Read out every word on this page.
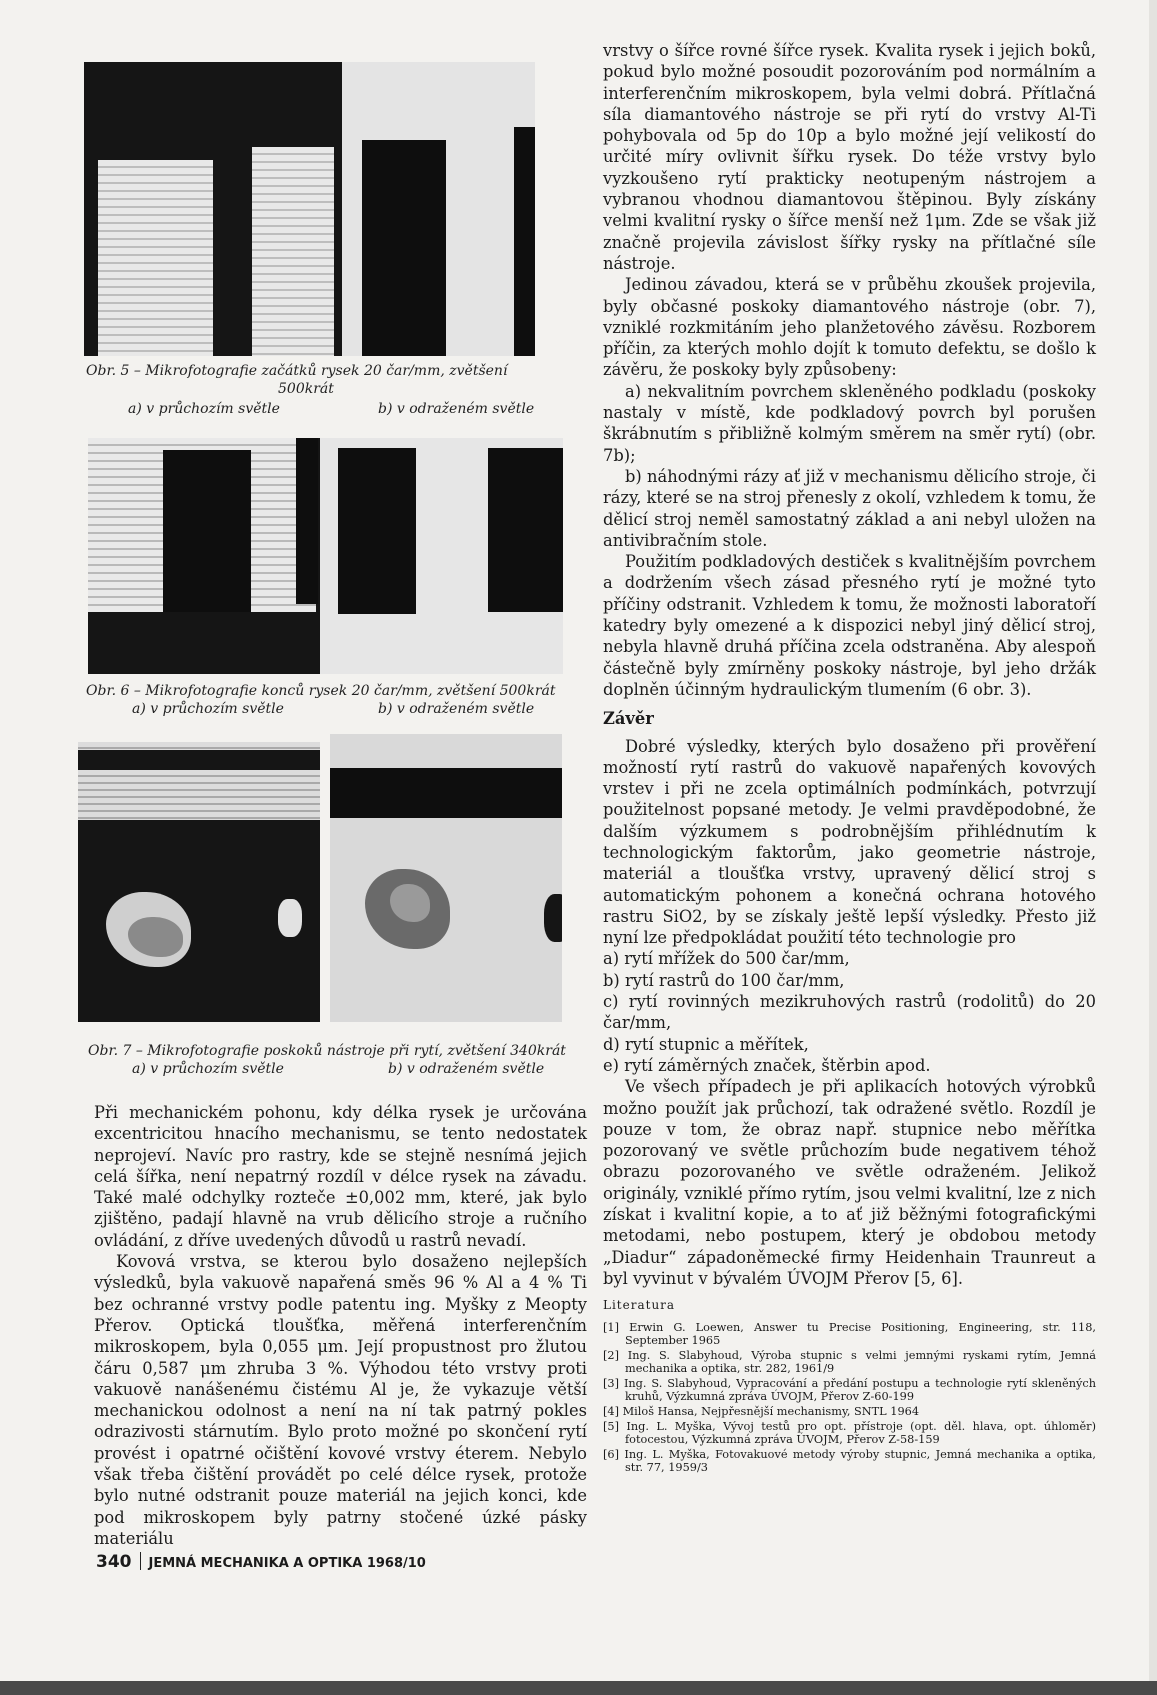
Obr. 5 – Mikrofotografie začátků rysek 20 čar/mm, zvětšení
500krát
a) v průchozím světle	b) v odraženém světle
Obr. 6 – Mikrofotografie konců rysek 20 čar/mm, zvětšení 500krát
a) v průchozím světle	b) v odraženém světle
Obr. 7 – Mikrofotografie poskoků nástroje při rytí, zvětšení 340krát
a) v průchozím světle	b) v odraženém světle

Při mechanickém pohonu, kdy délka rysek je určována excentricitou hnacího mechanismu, se tento nedostatek neprojeví. Navíc pro rastry, kde se stejně nesnímá jejich celá šířka, není nepatrný rozdíl v délce rysek na závadu. Také malé odchylky rozteče ±0,002 mm, které, jak bylo zjištěno, padají hlavně na vrub dělicího stroje a ručního ovládání, z dříve uvedených důvodů u rastrů nevadí.

Kovová vrstva, se kterou bylo dosaženo nejlepších výsledků, byla vakuově napařená směs 96 % Al a 4 % Ti bez ochranné vrstvy podle patentu ing. Myšky z Meopty Přerov. Optická tloušťka, měřená interferenčním mikroskopem, byla 0,055 μm. Její propustnost pro žlutou čáru 0,587 μm zhruba 3 %. Výhodou této vrstvy proti vakuově nanášenému čistému Al je, že vykazuje větší mechanickou odolnost a není na ní tak patrný pokles odrazivosti stárnutím. Bylo proto možné po skončení rytí provést i opatrné očištění kovové vrstvy éterem. Nebylo však třeba čištění provádět po celé délce rysek, protože bylo nutné odstranit pouze materiál na jejich konci, kde pod mikroskopem byly patrny stočené úzké pásky materiálu

vrstvy o šířce rovné šířce rysek. Kvalita rysek i jejich boků, pokud bylo možné posoudit pozorováním pod normálním a interferenčním mikroskopem, byla velmi dobrá. Přítlačná síla diamantového nástroje se při rytí do vrstvy Al-Ti pohybovala od 5p do 10p a bylo možné její velikostí do určité míry ovlivnit šířku rysek. Do téže vrstvy bylo vyzkoušeno rytí prakticky neotupeným nástrojem a vybranou vhodnou diamantovou štěpinou. Byly získány velmi kvalitní rysky o šířce menší než 1μm. Zde se však již značně projevila závislost šířky rysky na přítlačné síle nástroje.

Jedinou závadou, která se v průběhu zkoušek projevila, byly občasné poskoky diamantového nástroje (obr. 7), vzniklé rozkmitáním jeho planžetového závěsu. Rozborem příčin, za kterých mohlo dojít k tomuto defektu, se došlo k závěru, že poskoky byly způsobeny:

a) nekvalitním povrchem skleněného podkladu (poskoky nastaly v místě, kde podkladový povrch byl porušen škrábnutím s přibližně kolmým směrem na směr rytí) (obr. 7b);

b) náhodnými rázy ať již v mechanismu dělicího stroje, či rázy, které se na stroj přenesly z okolí, vzhledem k tomu, že dělicí stroj neměl samostatný základ a ani nebyl uložen na antivibračním stole.

Použitím podkladových destiček s kvalitnějším povrchem a dodržením všech zásad přesného rytí je možné tyto příčiny odstranit. Vzhledem k tomu, že možnosti laboratoří katedry byly omezené a k dispozici nebyl jiný dělicí stroj, nebyla hlavně druhá příčina zcela odstraněna. Aby alespoň částečně byly zmírněny poskoky nástroje, byl jeho držák doplněn účinným hydraulickým tlumením (6 obr. 3).

Závěr

Dobré výsledky, kterých bylo dosaženo při prověření možností rytí rastrů do vakuově napařených kovových vrstev i při ne zcela optimálních podmínkách, potvrzují použitelnost popsané metody. Je velmi pravděpodobné, že dalším výzkumem s podrobnějším přihlédnutím k technologickým faktorům, jako geometrie nástroje, materiál a tloušťka vrstvy, upravený dělicí stroj s automatickým pohonem a konečná ochrana hotového rastru SiO2, by se získaly ještě lepší výsledky. Přesto již nyní lze předpokládat použití této technologie pro

a) rytí mřížek do 500 čar/mm,

b) rytí rastrů do 100 čar/mm,

c) rytí rovinných mezikruhových rastrů (rodolitů) do 20 čar/mm,

d) rytí stupnic a měřítek,

e) rytí záměrných značek, štěrbin apod.

Ve všech případech je při aplikacích hotových výrobků možno použít jak průchozí, tak odražené světlo. Rozdíl je pouze v tom, že obraz např. stupnice nebo měřítka pozorovaný ve světle průchozím bude negativem téhož obrazu pozorovaného ve světle odraženém. Jelikož originály, vzniklé přímo rytím, jsou velmi kvalitní, lze z nich získat i kvalitní kopie, a to ať již běžnými fotografickými metodami, nebo postupem, který je obdobou metody „Diadur“ západoněmecké firmy Heidenhain Traunreut a byl vyvinut v bývalém ÚVOJM Přerov [5, 6].

Literatura

[1] Erwin G. Loewen, Answer tu Precise Positioning, Engineering, str. 118, September 1965

[2] Ing. S. Slabyhoud, Výroba stupnic s velmi jemnými ryskami rytím, Jemná mechanika a optika, str. 282, 1961/9

[3] Ing. S. Slabyhoud, Vypracování a předání postupu a technologie rytí skleněných kruhů, Výzkumná zpráva ÚVOJM, Přerov Z-60-199

[4] Miloš Hansa, Nejpřesnější mechanismy, SNTL 1964

[5] Ing. L. Myška, Vývoj testů pro opt. přístroje (opt. děl. hlava, opt. úhloměr) fotocestou, Výzkumná zpráva ÚVOJM, Přerov Z-58-159

[6] Ing. L. Myška, Fotovakuové metody výroby stupnic, Jemná mechanika a optika, str. 77, 1959/3

340 JEMNÁ MECHANIKA A OPTIKA 1968/10
